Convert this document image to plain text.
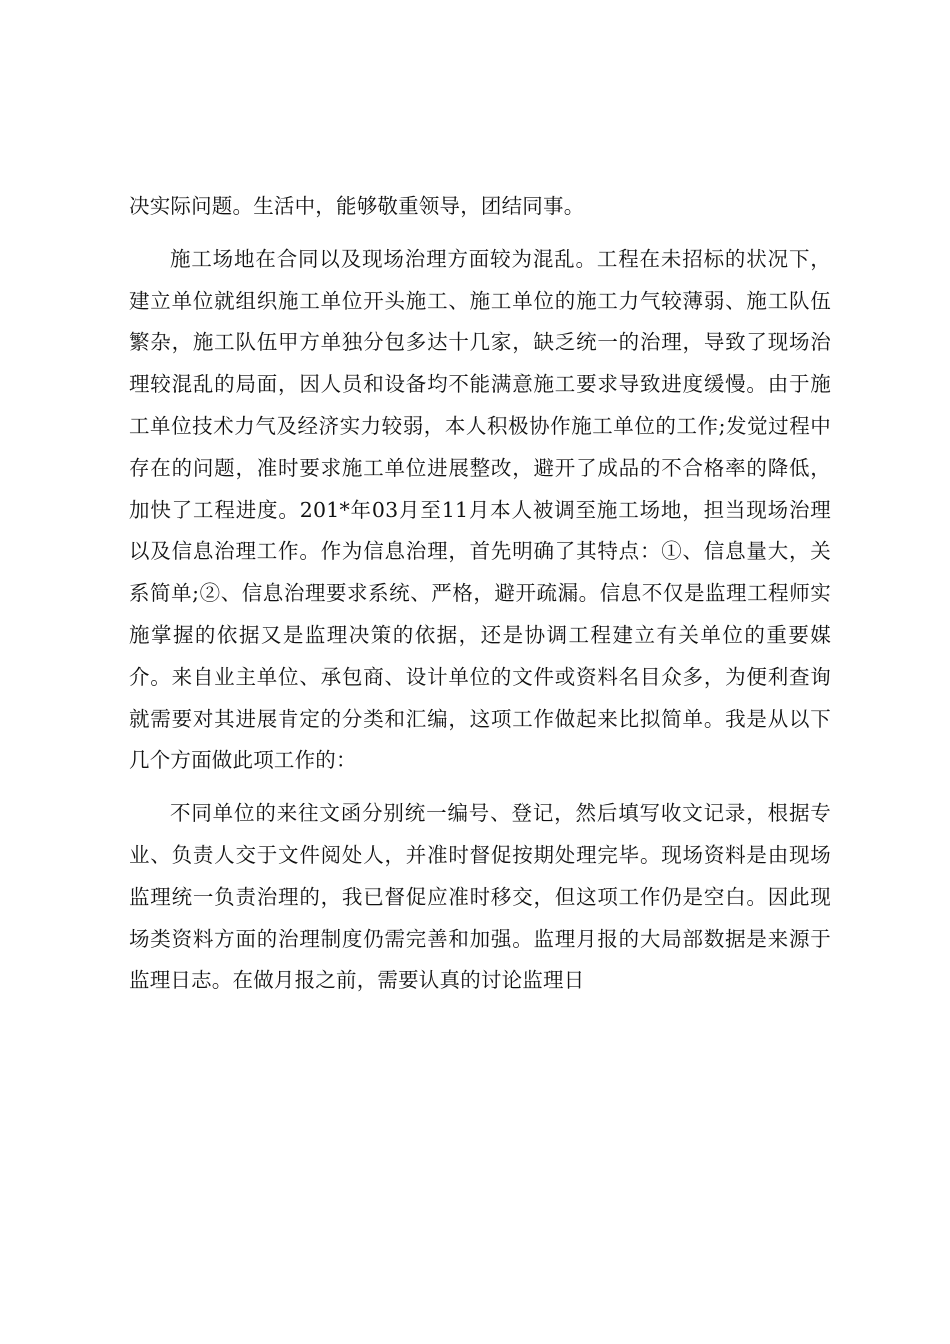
决实际问题。生活中，能够敬重领导，团结同事。

施工场地在合同以及现场治理方面较为混乱。工程在未招标的状况下，建立单位就组织施工单位开头施工、施工单位的施工力气较薄弱、施工队伍繁杂，施工队伍甲方单独分包多达十几家，缺乏统一的治理，导致了现场治理较混乱的局面，因人员和设备均不能满意施工要求导致进度缓慢。由于施工单位技术力气及经济实力较弱，本人积极协作施工单位的工作;发觉过程中存在的问题，准时要求施工单位进展整改，避开了成品的不合格率的降低，加快了工程进度。201*年03月至11月本人被调至施工场地，担当现场治理以及信息治理工作。作为信息治理，首先明确了其特点：①、信息量大，关系简单;②、信息治理要求系统、严格，避开疏漏。信息不仅是监理工程师实施掌握的依据又是监理决策的依据，还是协调工程建立有关单位的重要媒介。来自业主单位、承包商、设计单位的文件或资料名目众多，为便利查询就需要对其进展肯定的分类和汇编，这项工作做起来比拟简单。我是从以下几个方面做此项工作的：

不同单位的来往文函分别统一编号、登记，然后填写收文记录，根据专业、负责人交于文件阅处人，并准时督促按期处理完毕。现场资料是由现场监理统一负责治理的，我已督促应准时移交，但这项工作仍是空白。因此现场类资料方面的治理制度仍需完善和加强。监理月报的大局部数据是来源于监理日志。在做月报之前，需要认真的讨论监理日
